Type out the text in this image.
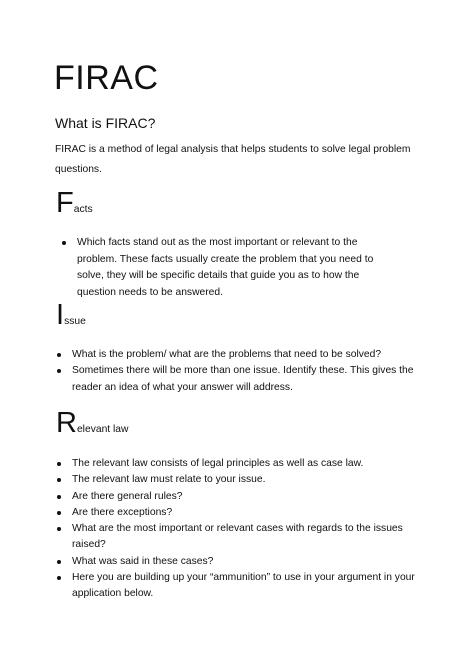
FIRAC
What is FIRAC?

FIRAC is a method of legal analysis that helps students to solve legal problem questions.

Facts
Which facts stand out as the most important or relevant to the problem. These facts usually create the problem that you need to solve, they will be specific details that guide you as to how the question needs to be answered.
Issue
What is the problem/ what are the problems that need to be solved?
Sometimes there will be more than one issue. Identify these. This gives the reader an idea of what your answer will address.
Relevant law
The relevant law consists of legal principles as well as case law.
The relevant law must relate to your issue.
Are there general rules?
Are there exceptions?
What are the most important or relevant cases with regards to the issues raised?
What was said in these cases?
Here you are building up your “ammunition” to use in your argument in your application below.
